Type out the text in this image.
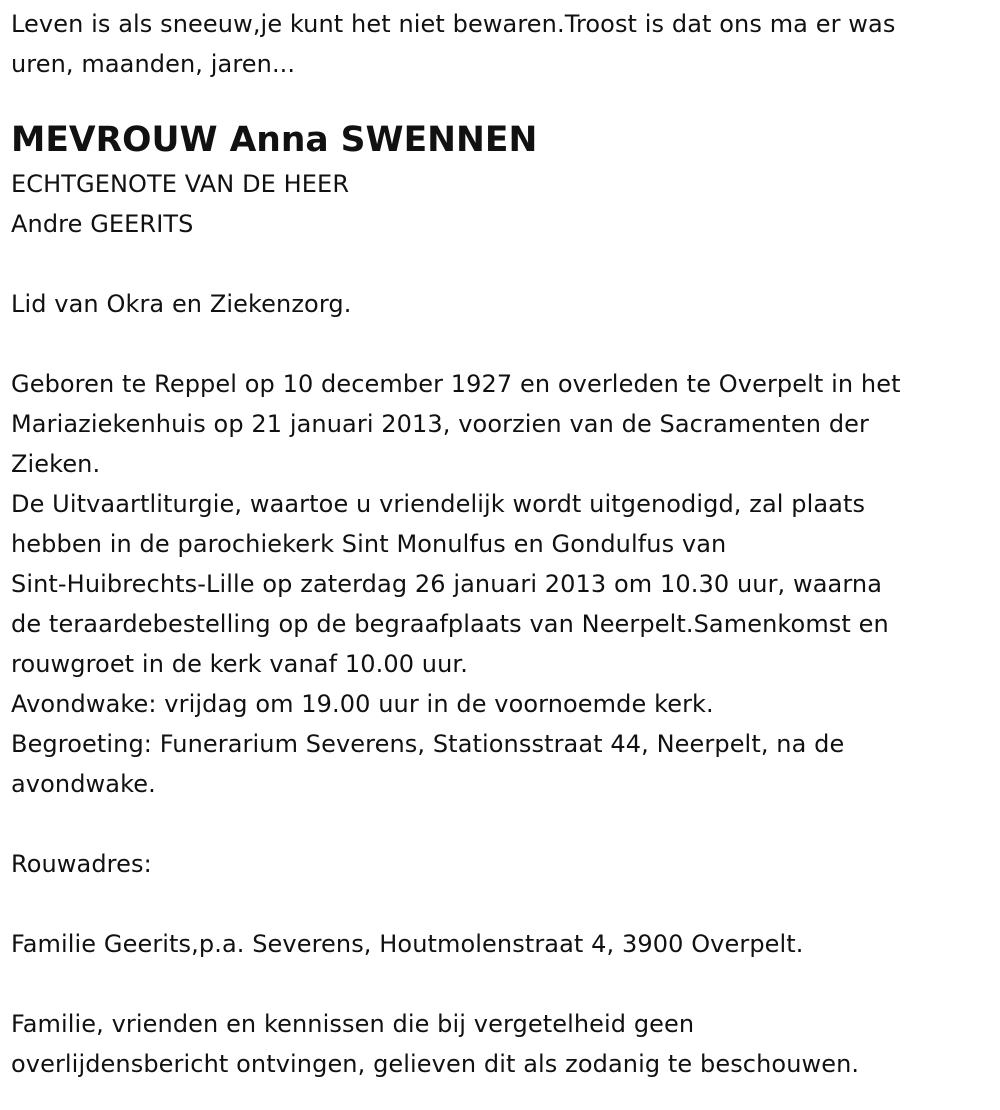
Leven is als sneeuw,je kunt het niet bewaren.Troost is dat ons ma er was
uren, maanden, jaren...
MEVROUW Anna SWENNEN
ECHTGENOTE VAN DE HEER
Andre GEERITS
Lid van Okra en Ziekenzorg.
Geboren te Reppel op 10 december 1927 en overleden te Overpelt in het
Mariaziekenhuis op 21 januari 2013, voorzien van de Sacramenten der
Zieken.
De Uitvaartliturgie, waartoe u vriendelijk wordt uitgenodigd, zal plaats
hebben in de parochiekerk Sint Monulfus en Gondulfus van
Sint-Huibrechts-Lille op zaterdag 26 januari 2013 om 10.30 uur, waarna
de teraardebestelling op de begraafplaats van Neerpelt.Samenkomst en
rouwgroet in de kerk vanaf 10.00 uur.
Avondwake: vrijdag om 19.00 uur in de voornoemde kerk.
Begroeting: Funerarium Severens, Stationsstraat 44, Neerpelt, na de
avondwake.
Rouwadres:
Familie Geerits,p.a. Severens, Houtmolenstraat 4, 3900 Overpelt.
Familie, vrienden en kennissen die bij vergetelheid geen
overlijdensbericht ontvingen, gelieven dit als zodanig te beschouwen.
